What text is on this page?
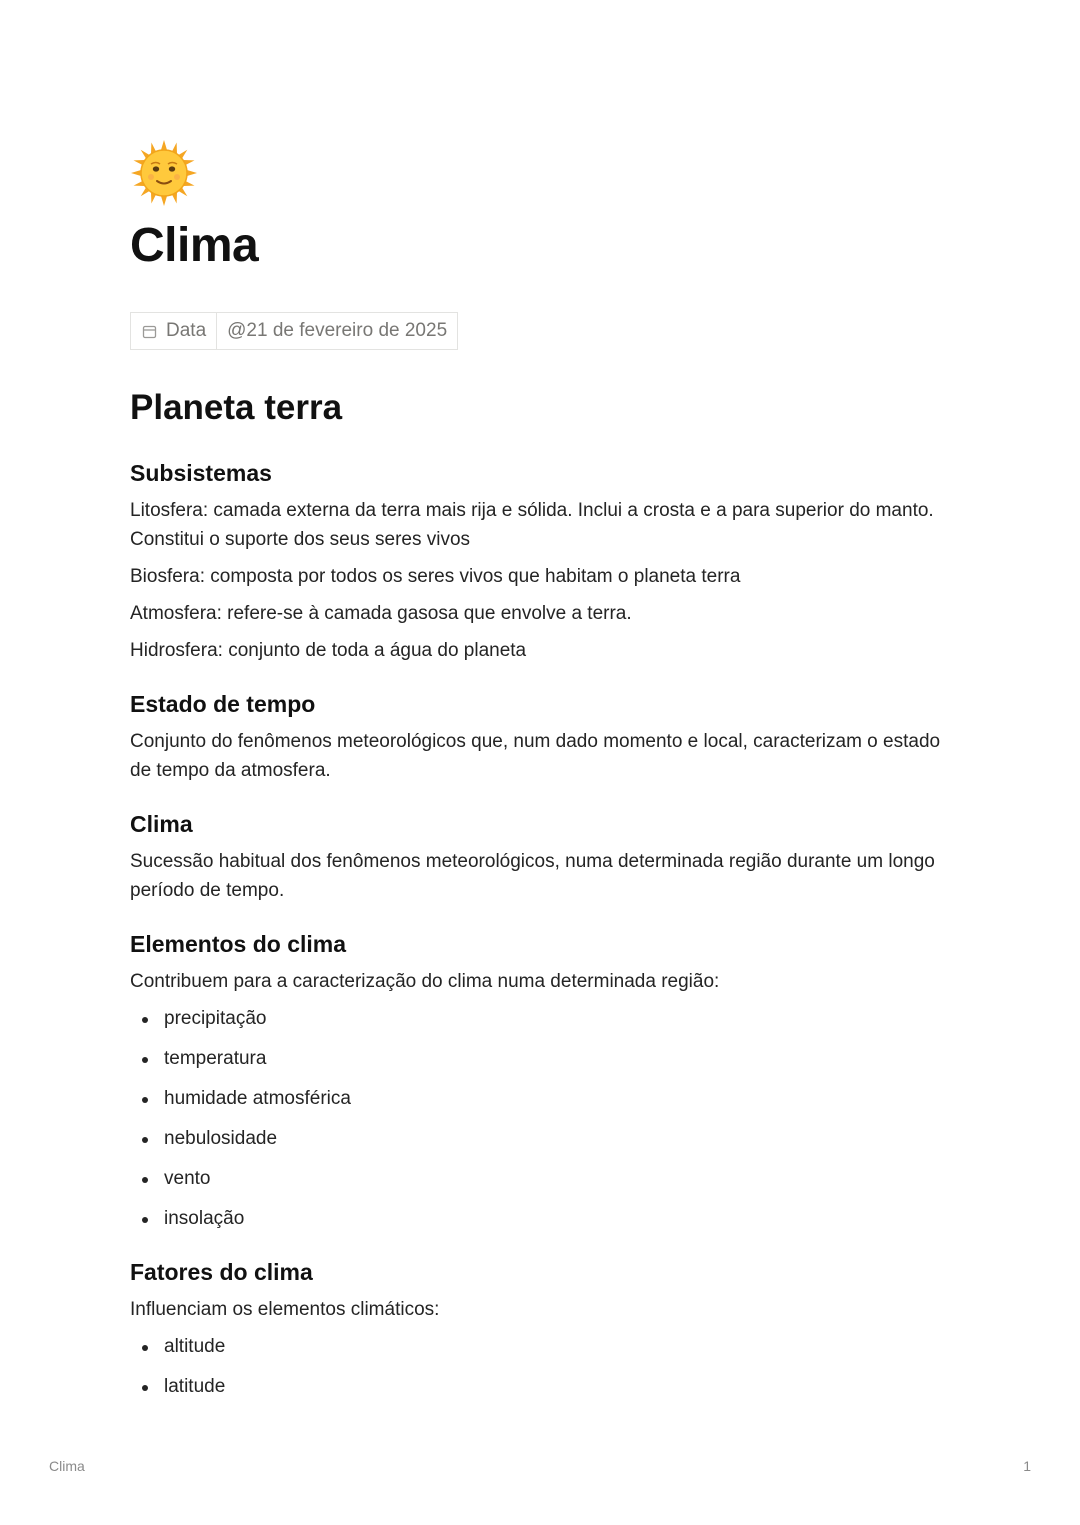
Clima
Data	@21 de fevereiro de 2025
Planeta terra
Subsistemas

Litosfera: camada externa da terra mais rija e sólida. Inclui a crosta e a para superior do manto. Constitui o suporte dos seus seres vivos

Biosfera: composta por todos os seres vivos que habitam o planeta terra

Atmosfera: refere-se à camada gasosa que envolve a terra.

Hidrosfera: conjunto de toda a água do planeta

Estado de tempo

Conjunto do fenômenos meteorológicos que, num dado momento e local, caracterizam o estado de tempo da atmosfera.

Clima

Sucessão habitual dos fenômenos meteorológicos, numa determinada região durante um longo período de tempo.

Elementos do clima

Contribuem para a caracterização do clima numa determinada região:

precipitação
temperatura
humidade atmosférica
nebulosidade
vento
insolação
Fatores do clima

Influenciam os elementos climáticos:

altitude
latitude
Clima	1
